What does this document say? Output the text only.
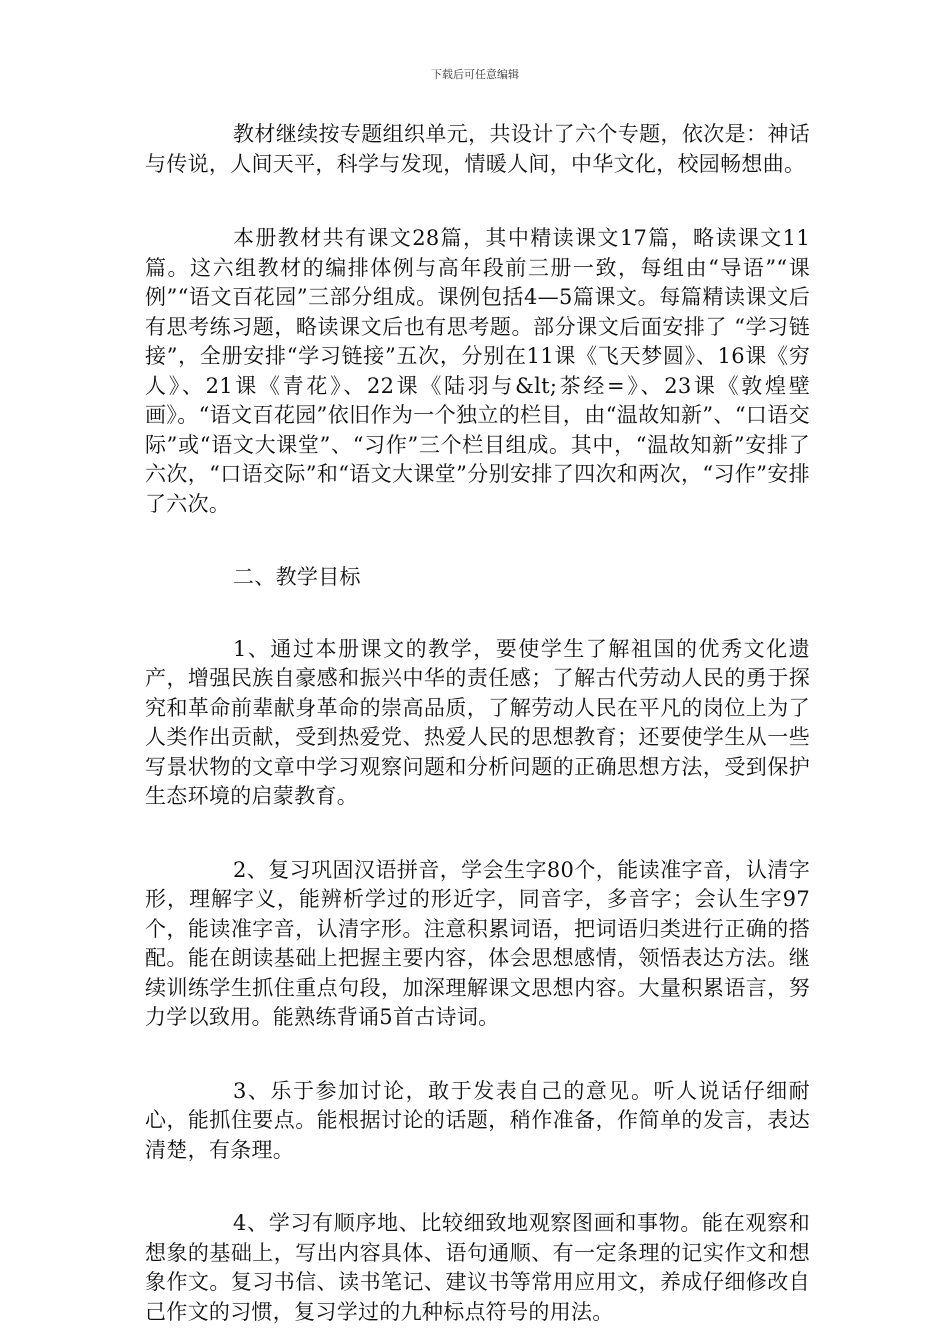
下载后可任意编辑

教材继续按专题组织单元，共设计了六个专题，依次是：神话与传说，人间天平，科学与发现，情暖人间，中华文化，校园畅想曲。

本册教材共有课文28篇，其中精读课文17篇，略读课文11篇。这六组教材的编排体例与高年段前三册一致，每组由“导语”“课例”“语文百花园”三部分组成。课例包括4—5篇课文。每篇精读课文后有思考练习题，略读课文后也有思考题。部分课文后面安排了 “学习链接”，全册安排“学习链接”五次，分别在11课《飞天梦圆》、16课《穷人》、21课《青花》、22课《陆羽与&lt;茶经=》、23课《敦煌壁画》。“语文百花园”依旧作为一个独立的栏目，由“温故知新”、“口语交际”或“语文大课堂”、“习作”三个栏目组成。其中，“温故知新”安排了六次，“口语交际”和“语文大课堂”分别安排了四次和两次，“习作”安排了六次。

二、教学目标

1、通过本册课文的教学，要使学生了解祖国的优秀文化遗产，增强民族自豪感和振兴中华的责任感；了解古代劳动人民的勇于探究和革命前辈献身革命的崇高品质，了解劳动人民在平凡的岗位上为了人类作出贡献，受到热爱党、热爱人民的思想教育；还要使学生从一些写景状物的文章中学习观察问题和分析问题的正确思想方法，受到保护生态环境的启蒙教育。

2、复习巩固汉语拼音，学会生字80个，能读准字音，认清字形，理解字义，能辨析学过的形近字，同音字，多音字；会认生字97个，能读准字音，认清字形。注意积累词语，把词语归类进行正确的搭配。能在朗读基础上把握主要内容，体会思想感情，领悟表达方法。继续训练学生抓住重点句段，加深理解课文思想内容。大量积累语言，努力学以致用。能熟练背诵5首古诗词。

3、乐于参加讨论，敢于发表自己的意见。听人说话仔细耐心，能抓住要点。能根据讨论的话题，稍作准备，作简单的发言，表达清楚，有条理。

4、学习有顺序地、比较细致地观察图画和事物。能在观察和想象的基础上，写出内容具体、语句通顺、有一定条理的记实作文和想象作文。复习书信、读书笔记、建议书等常用应用文，养成仔细修改自己作文的习惯，复习学过的九种标点符号的用法。
